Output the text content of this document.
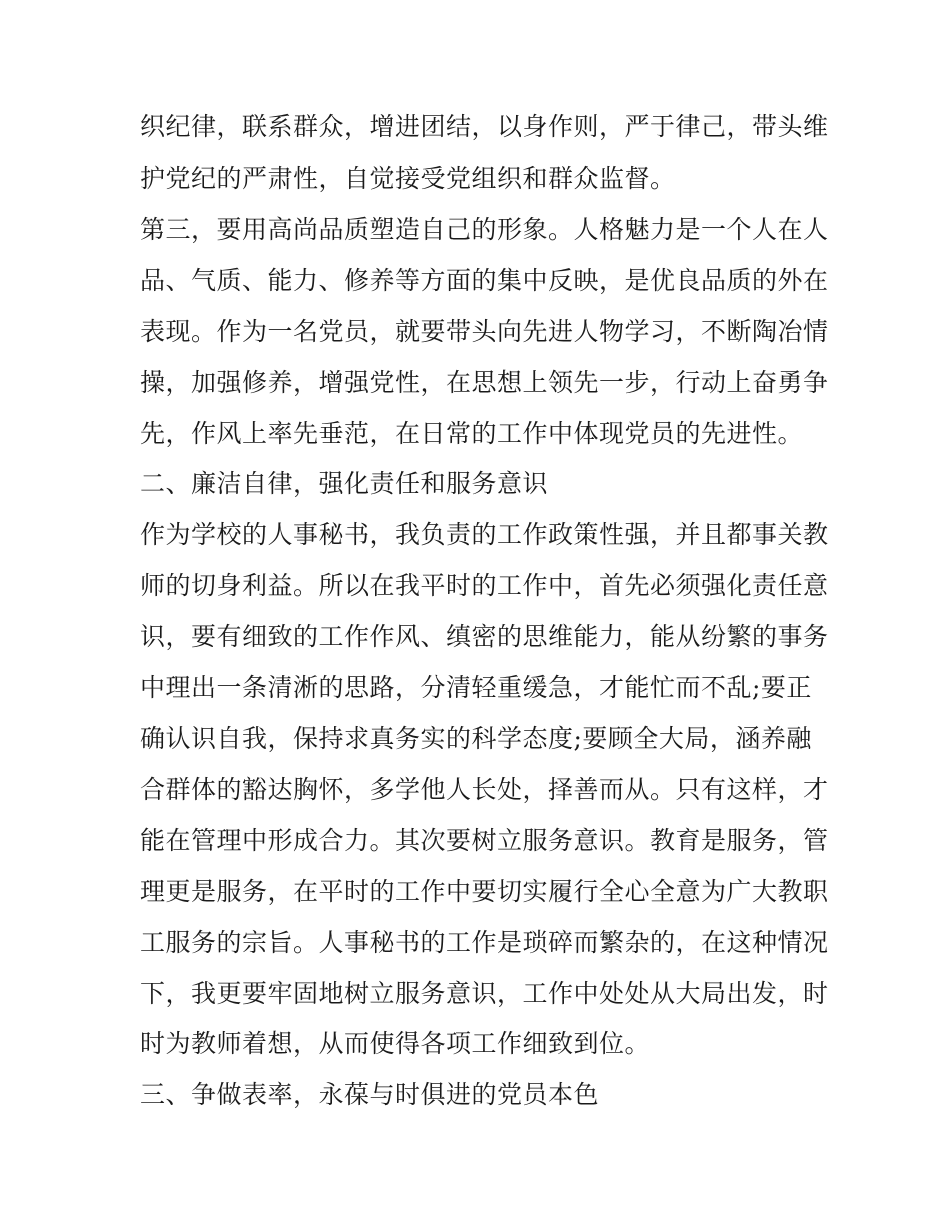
织纪律，联系群众，增进团结，以身作则，严于律己，带头维
护党纪的严肃性，自觉接受党组织和群众监督。
第三，要用高尚品质塑造自己的形象。人格魅力是一个人在人
品、气质、能力、修养等方面的集中反映，是优良品质的外在
表现。作为一名党员，就要带头向先进人物学习，不断陶冶情
操，加强修养，增强党性，在思想上领先一步，行动上奋勇争
先，作风上率先垂范，在日常的工作中体现党员的先进性。
二、廉洁自律，强化责任和服务意识
作为学校的人事秘书，我负责的工作政策性强，并且都事关教
师的切身利益。所以在我平时的工作中，首先必须强化责任意
识，要有细致的工作作风、缜密的思维能力，能从纷繁的事务
中理出一条清淅的思路，分清轻重缓急，才能忙而不乱;要正
确认识自我，保持求真务实的科学态度;要顾全大局，涵养融
合群体的豁达胸怀，多学他人长处，择善而从。只有这样，才
能在管理中形成合力。其次要树立服务意识。教育是服务，管
理更是服务，在平时的工作中要切实履行全心全意为广大教职
工服务的宗旨。人事秘书的工作是琐碎而繁杂的，在这种情况
下，我更要牢固地树立服务意识，工作中处处从大局出发，时
时为教师着想，从而使得各项工作细致到位。
三、争做表率，永葆与时俱进的党员本色
